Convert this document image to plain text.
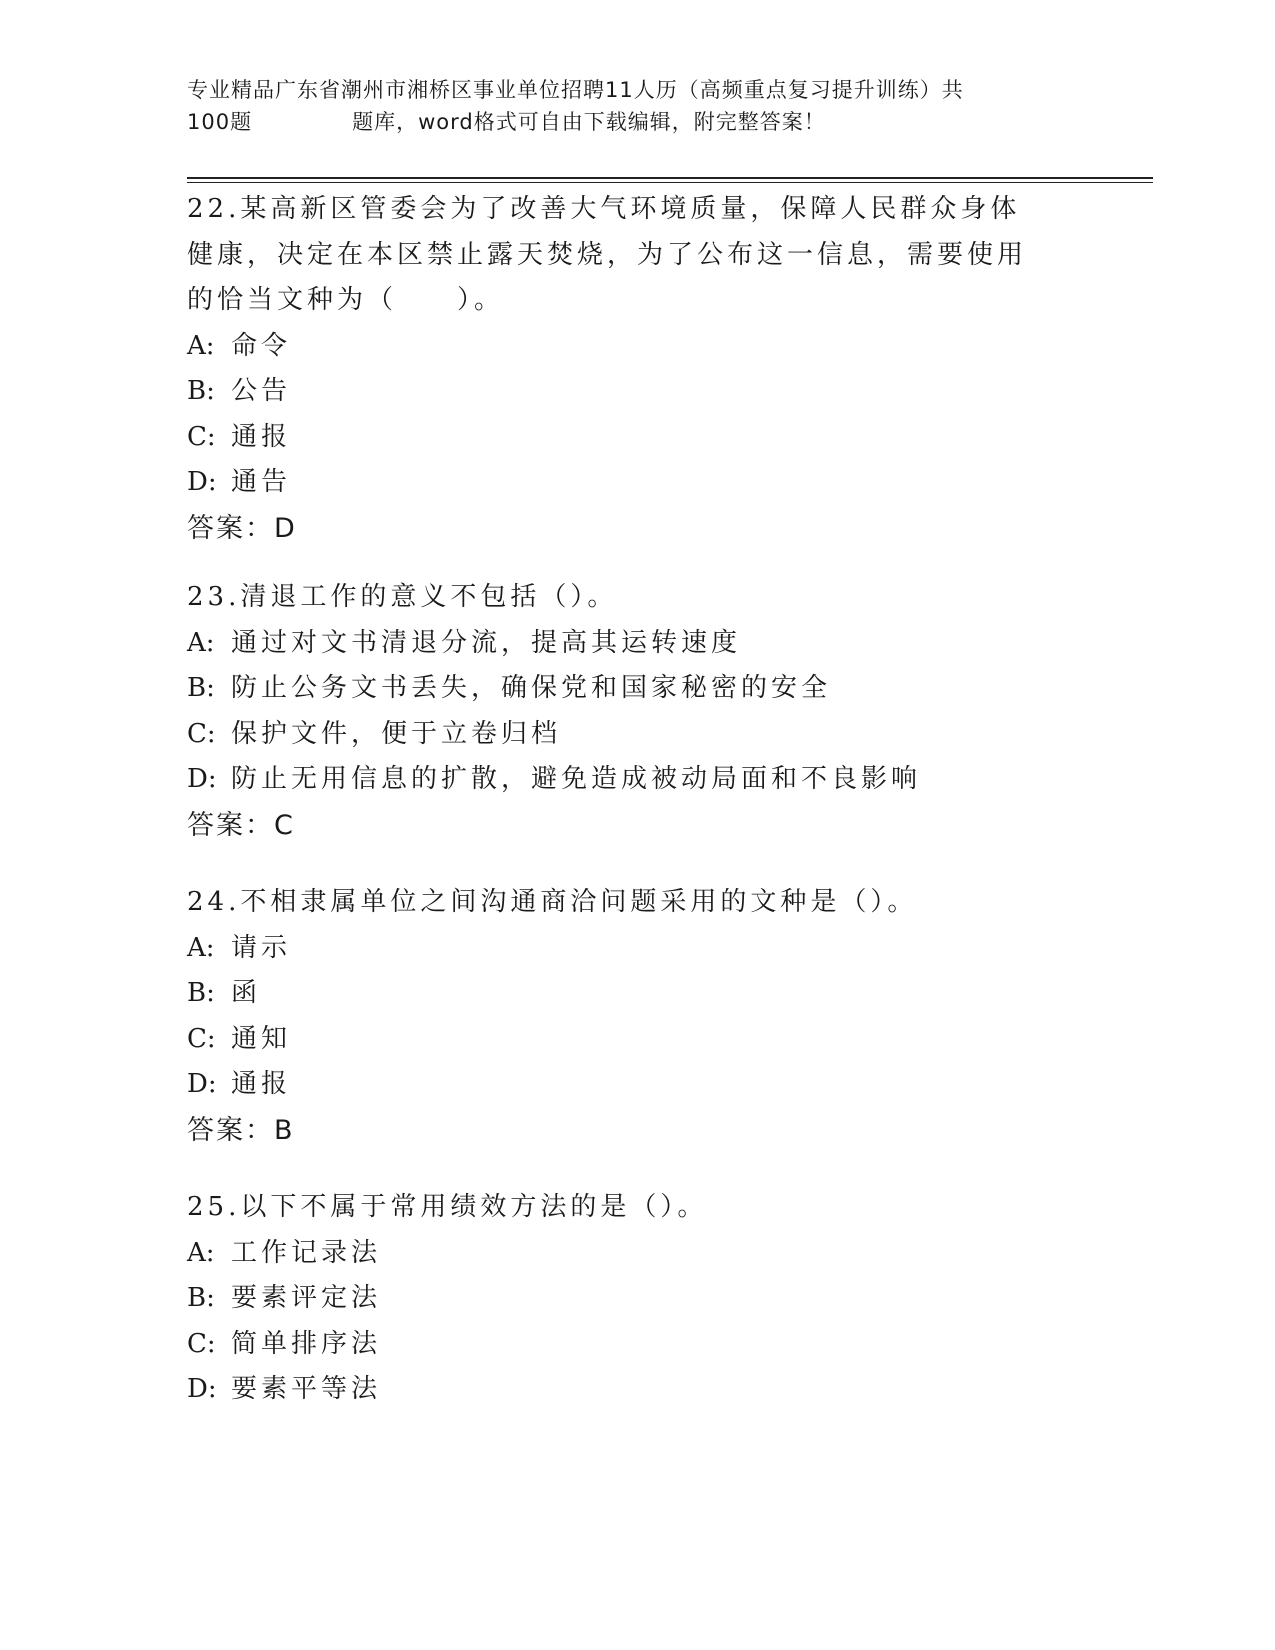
专业精品广东省潮州市湘桥区事业单位招聘11人历（高频重点复习提升训练）共
100题	题库，word格式可自由下载编辑，附完整答案！

22.某高新区管委会为了改善大气环境质量，保障人民群众身体健康，决定在本区禁止露天焚烧，为了公布这一信息，需要使用的恰当文种为（　　）。

A: 命令

B: 公告

C: 通报

D: 通告

答案：D

23.清退工作的意义不包括（）。

A: 通过对文书清退分流，提高其运转速度

B: 防止公务文书丢失，确保党和国家秘密的安全

C: 保护文件，便于立卷归档

D: 防止无用信息的扩散，避免造成被动局面和不良影响

答案：C

24.不相隶属单位之间沟通商洽问题采用的文种是（）。

A: 请示

B: 函

C: 通知

D: 通报

答案：B

25.以下不属于常用绩效方法的是（）。

A: 工作记录法

B: 要素评定法

C: 简单排序法

D: 要素平等法
